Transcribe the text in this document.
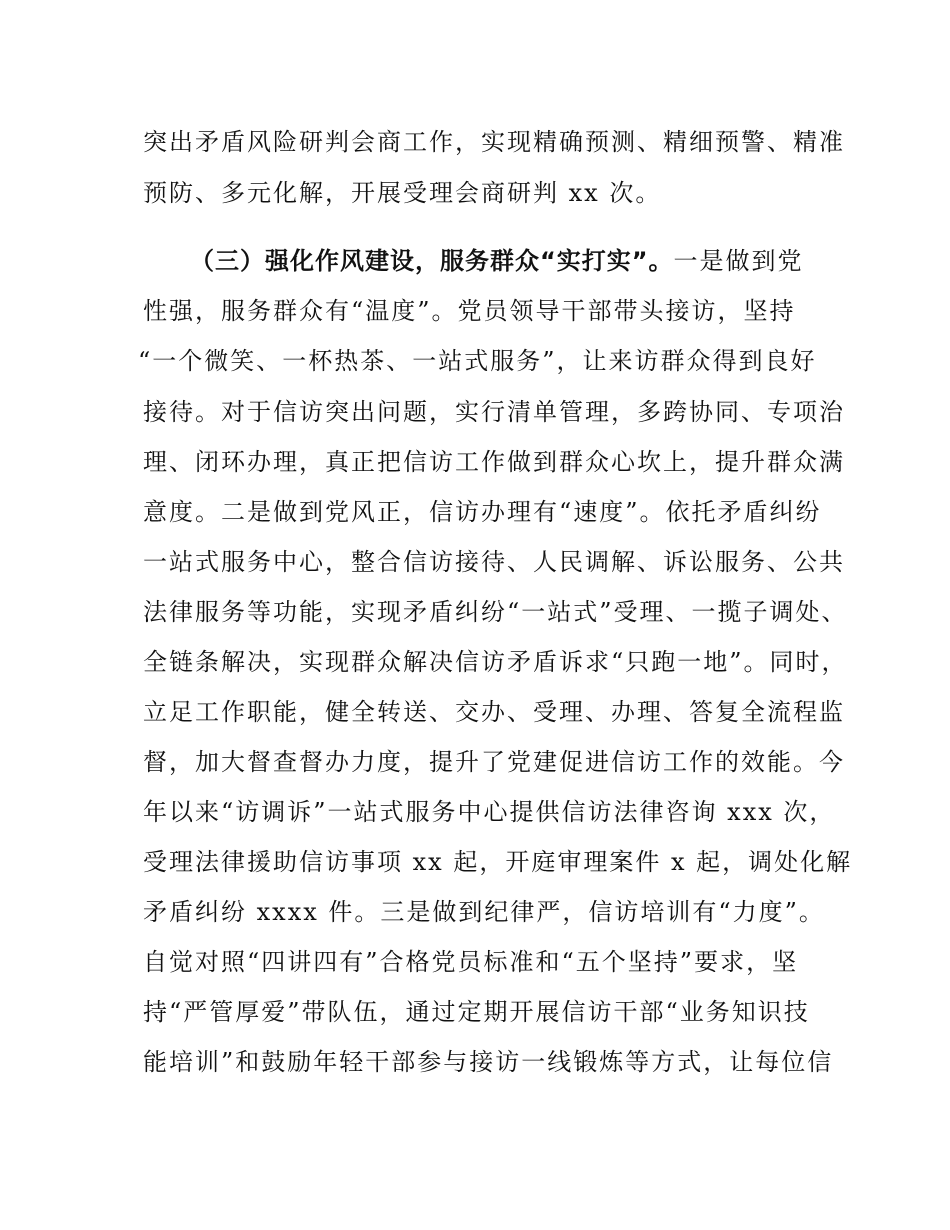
突出矛盾风险研判会商工作，实现精确预测、精细预警、精准
预防、多元化解，开展受理会商研判 xx 次。
（三）强化作风建设，服务群众“实打实”。一是做到党
性强，服务群众有“温度”。党员领导干部带头接访，坚持
“一个微笑、一杯热茶、一站式服务”，让来访群众得到良好
接待。对于信访突出问题，实行清单管理，多跨协同、专项治
理、闭环办理，真正把信访工作做到群众心坎上，提升群众满
意度。二是做到党风正，信访办理有“速度”。依托矛盾纠纷
一站式服务中心，整合信访接待、人民调解、诉讼服务、公共
法律服务等功能，实现矛盾纠纷“一站式”受理、一揽子调处、
全链条解决，实现群众解决信访矛盾诉求“只跑一地”。同时，
立足工作职能，健全转送、交办、受理、办理、答复全流程监
督，加大督查督办力度，提升了党建促进信访工作的效能。今
年以来“访调诉”一站式服务中心提供信访法律咨询 xxx 次，
受理法律援助信访事项 xx 起，开庭审理案件 x 起，调处化解
矛盾纠纷 xxxx 件。三是做到纪律严，信访培训有“力度”。
自觉对照“四讲四有”合格党员标准和“五个坚持”要求，坚
持“严管厚爱”带队伍，通过定期开展信访干部“业务知识技
能培训”和鼓励年轻干部参与接访一线锻炼等方式，让每位信
